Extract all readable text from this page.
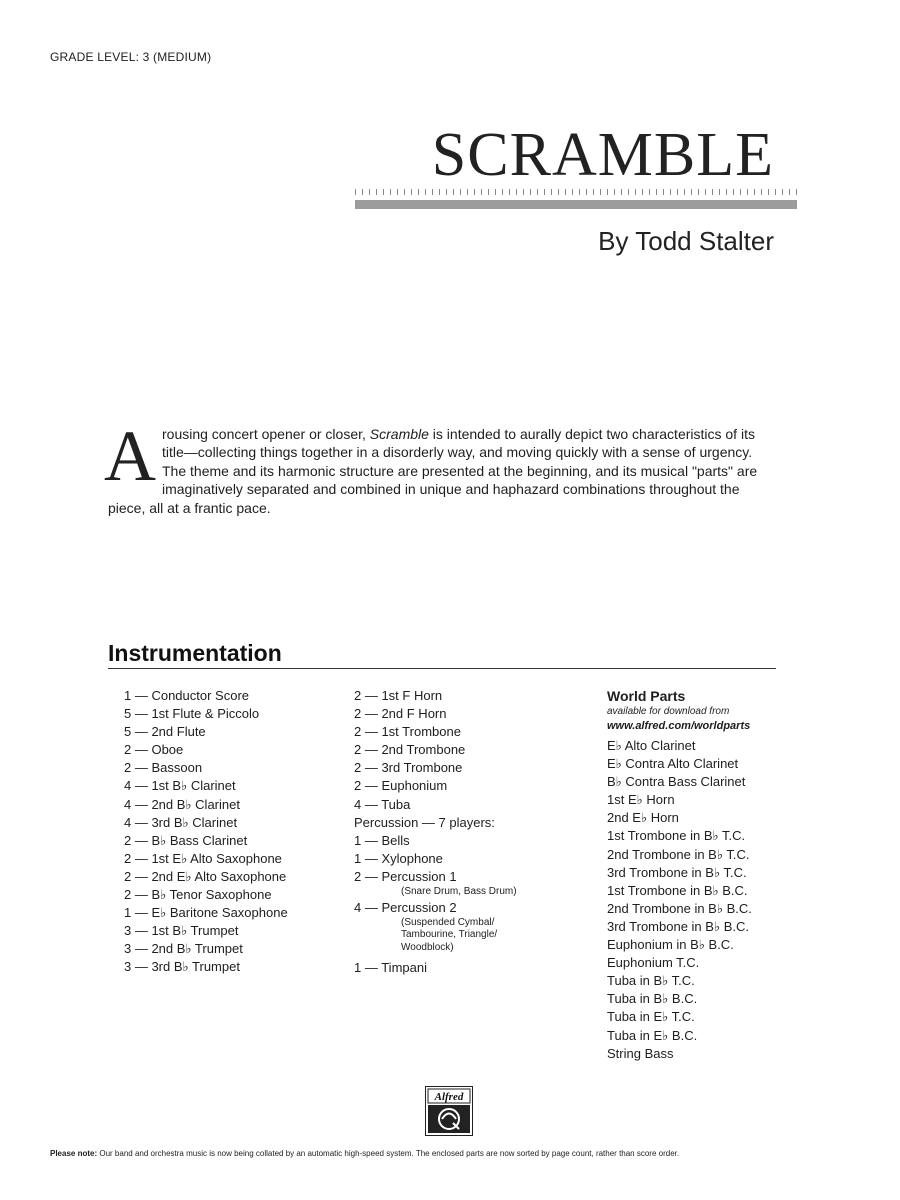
GRADE LEVEL: 3 (MEDIUM)
SCRAMBLE
By Todd Stalter
A rousing concert opener or closer, Scramble is intended to aurally depict two characteristics of its title—collecting things together in a disorderly way, and moving quickly with a sense of urgency. The theme and its harmonic structure are presented at the beginning, and its musical "parts" are imaginatively separated and combined in unique and haphazard combinations throughout the piece, all at a frantic pace.
Instrumentation
1 — Conductor Score
5 — 1st Flute & Piccolo
5 — 2nd Flute
2 — Oboe
2 — Bassoon
4 — 1st B♭ Clarinet
4 — 2nd B♭ Clarinet
4 — 3rd B♭ Clarinet
2 — B♭ Bass Clarinet
2 — 1st E♭ Alto Saxophone
2 — 2nd E♭ Alto Saxophone
2 — B♭ Tenor Saxophone
1 — E♭ Baritone Saxophone
3 — 1st B♭ Trumpet
3 — 2nd B♭ Trumpet
3 — 3rd B♭ Trumpet
2 — 1st F Horn
2 — 2nd F Horn
2 — 1st Trombone
2 — 2nd Trombone
2 — 3rd Trombone
2 — Euphonium
4 — Tuba
Percussion — 7 players:
1 — Bells
1 — Xylophone
2 — Percussion 1
(Snare Drum, Bass Drum)
4 — Percussion 2
(Suspended Cymbal/
Tambourine, Triangle/
Woodblock)
1 — Timpani
World Parts
available for download from
www.alfred.com/worldparts
E♭ Alto Clarinet
E♭ Contra Alto Clarinet
B♭ Contra Bass Clarinet
1st E♭ Horn
2nd E♭ Horn
1st Trombone in B♭ T.C.
2nd Trombone in B♭ T.C.
3rd Trombone in B♭ T.C.
1st Trombone in B♭ B.C.
2nd Trombone in B♭ B.C.
3rd Trombone in B♭ B.C.
Euphonium in B♭ B.C.
Euphonium T.C.
Tuba in B♭ T.C.
Tuba in B♭ B.C.
Tuba in E♭ T.C.
Tuba in E♭ B.C.
String Bass
Alfred
Please note: Our band and orchestra music is now being collated by an automatic high-speed system. The enclosed parts are now sorted by page count, rather than score order.
